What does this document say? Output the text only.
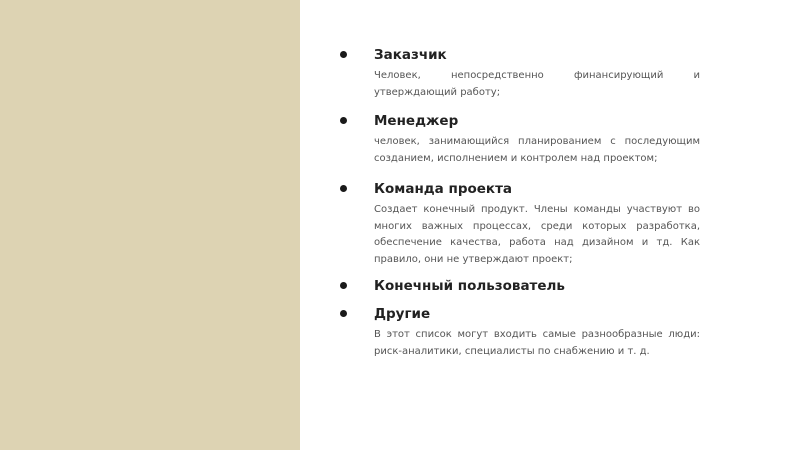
Заказчик
Человек, непосредственно финансирующий и утверждающий работу;
Менеджер
человек, занимающийся планированием с последующим созданием, исполнением и контролем над проектом;
Команда проекта
Создает конечный продукт. Члены команды участвуют во многих важных процессах, среди которых разработка, обеспечение качества, работа над дизайном и тд. Как правило, они не утверждают проект;
Конечный пользователь
Другие
В этот список могут входить самые разнообразные люди: риск-аналитики, специалисты по снабжению и т. д.
